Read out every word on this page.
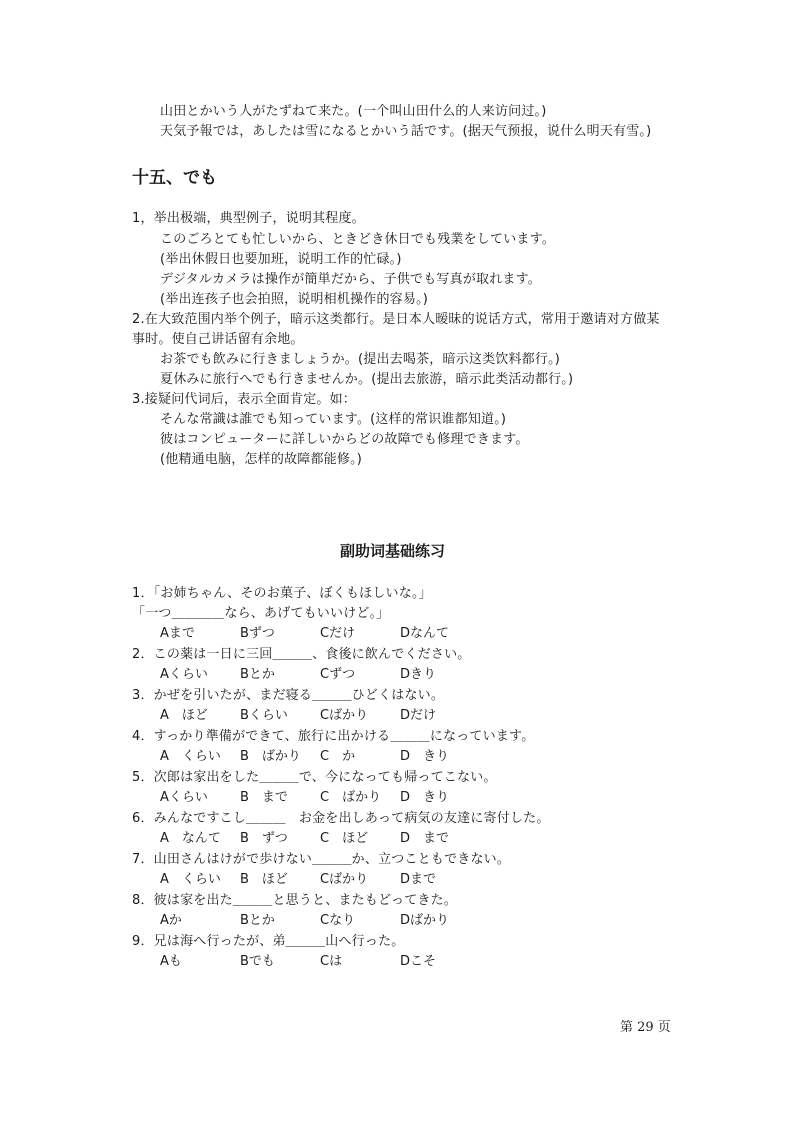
山田とかいう人がたずねて来た。(一个叫山田什么的人来访问过。)
天気予報では，あしたは雪になるとかいう話です。(据天气预报，说什么明天有雪。)
十五、でも
1，举出极端，典型例子，说明其程度。
このごろとても忙しいから、ときどき休日でも残業をしています。
(举出休假日也要加班，说明工作的忙碌。)
デジタルカメラは操作が簡単だから、子供でも写真が取れます。
(举出连孩子也会拍照，说明相机操作的容易。)
2.在大致范围内举个例子，暗示这类都行。是日本人暧昧的说话方式，常用于邀请对方做某
事时。使自己讲话留有余地。
お茶でも飲みに行きましょうか。(提出去喝茶，暗示这类饮料都行。)
夏休みに旅行へでも行きませんか。(提出去旅游，暗示此类活动都行。)
3.接疑问代词后，表示全面肯定。如：
そんな常識は誰でも知っています。(这样的常识谁都知道。)
彼はコンピューターに詳しいからどの故障でも修理できます。
(他精通电脑，怎样的故障都能修。)
副助词基础练习
1．「お姉ちゃん、そのお菓子、ぼくもほしいな。」
「一つ＿＿＿＿なら、あげてもいいけど。」
Aまで	Bずつ	Cだけ	Dなんて
2．この薬は一日に三回＿＿＿、食後に飲んでください。
Aくらい Bとか	Cずつ	Dきり
3．かぜを引いたが、まだ寝る＿＿＿ひどくはない。
A　ほど Bくらい Cばかり Dだけ
4．すっかり準備ができて、旅行に出かける＿＿＿になっています。
A　くらい B　ばかり C　か	D　きり
5．次郎は家出をした＿＿＿で、今になっても帰ってこない。
Aくらい B　まで C　ばかり D　きり
6．みんなですこし＿＿＿　お金を出しあって病気の友達に寄付した。
A　なんて B　ずつ C　ほど D　まで
7．山田さんはけがで歩けない＿＿＿か、立つこともできない。
A　くらい B　ほど Cばかり Dまで
8．彼は家を出た＿＿＿と思うと、またもどってきた。
Aか	Bとか	Cなり	Dばかり
9．兄は海へ行ったが、弟＿＿＿山へ行った。
Aも	Bでも	Cは	Dこそ
第 29 页
